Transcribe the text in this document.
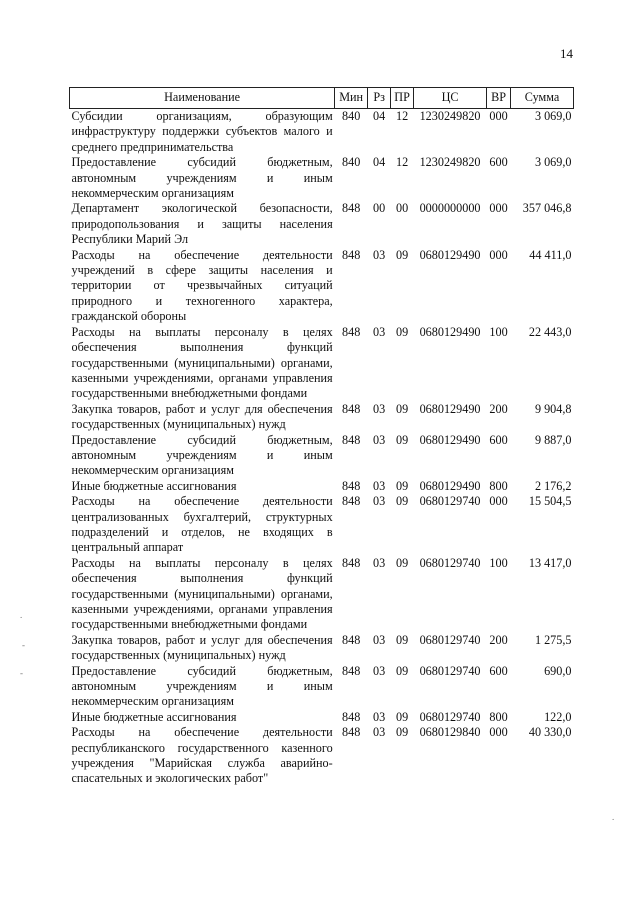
14
Наименование	Мин	Рз	ПР	ЦС	ВР	Сумма
Субсидии организациям, образующим инфраструктуру поддержки субъектов малого и среднего предпринимательства	840	04	12	1230249820	000	3 069,0
Предоставление субсидий бюджетным, автономным учреждениям и иным некоммерческим организациям	840	04	12	1230249820	600	3 069,0
Департамент экологической безопасности, природопользования и защиты населения Республики Марий Эл	848	00	00	0000000000	000	357 046,8
Расходы на обеспечение деятельности учреждений в сфере защиты населения и территории от чрезвычайных ситуаций природного и техногенного характера, гражданской обороны	848	03	09	0680129490	000	44 411,0
Расходы на выплаты персоналу в целях обеспечения выполнения функций государственными (муниципальными) органами, казенными учреждениями, органами управления государственными внебюджетными фондами	848	03	09	0680129490	100	22 443,0
Закупка товаров, работ и услуг для обеспечения государственных (муниципальных) нужд	848	03	09	0680129490	200	9 904,8
Предоставление субсидий бюджетным, автономным учреждениям и иным некоммерческим организациям	848	03	09	0680129490	600	9 887,0
Иные бюджетные ассигнования	848	03	09	0680129490	800	2 176,2
Расходы на обеспечение деятельности централизованных бухгалтерий, структурных подразделений и отделов, не входящих в центральный аппарат	848	03	09	0680129740	000	15 504,5
Расходы на выплаты персоналу в целях обеспечения выполнения функций государственными (муниципальными) органами, казенными учреждениями, органами управления государственными внебюджетными фондами	848	03	09	0680129740	100	13 417,0
Закупка товаров, работ и услуг для обеспечения государственных (муниципальных) нужд	848	03	09	0680129740	200	1 275,5
Предоставление субсидий бюджетным, автономным учреждениям и иным некоммерческим организациям	848	03	09	0680129740	600	690,0
Иные бюджетные ассигнования	848	03	09	0680129740	800	122,0
Расходы на обеспечение деятельности республиканского государственного казенного учреждения "Марийская служба аварийно-спасательных и экологических работ"	848	03	09	0680129840	000	40 330,0
.
-
-
.
